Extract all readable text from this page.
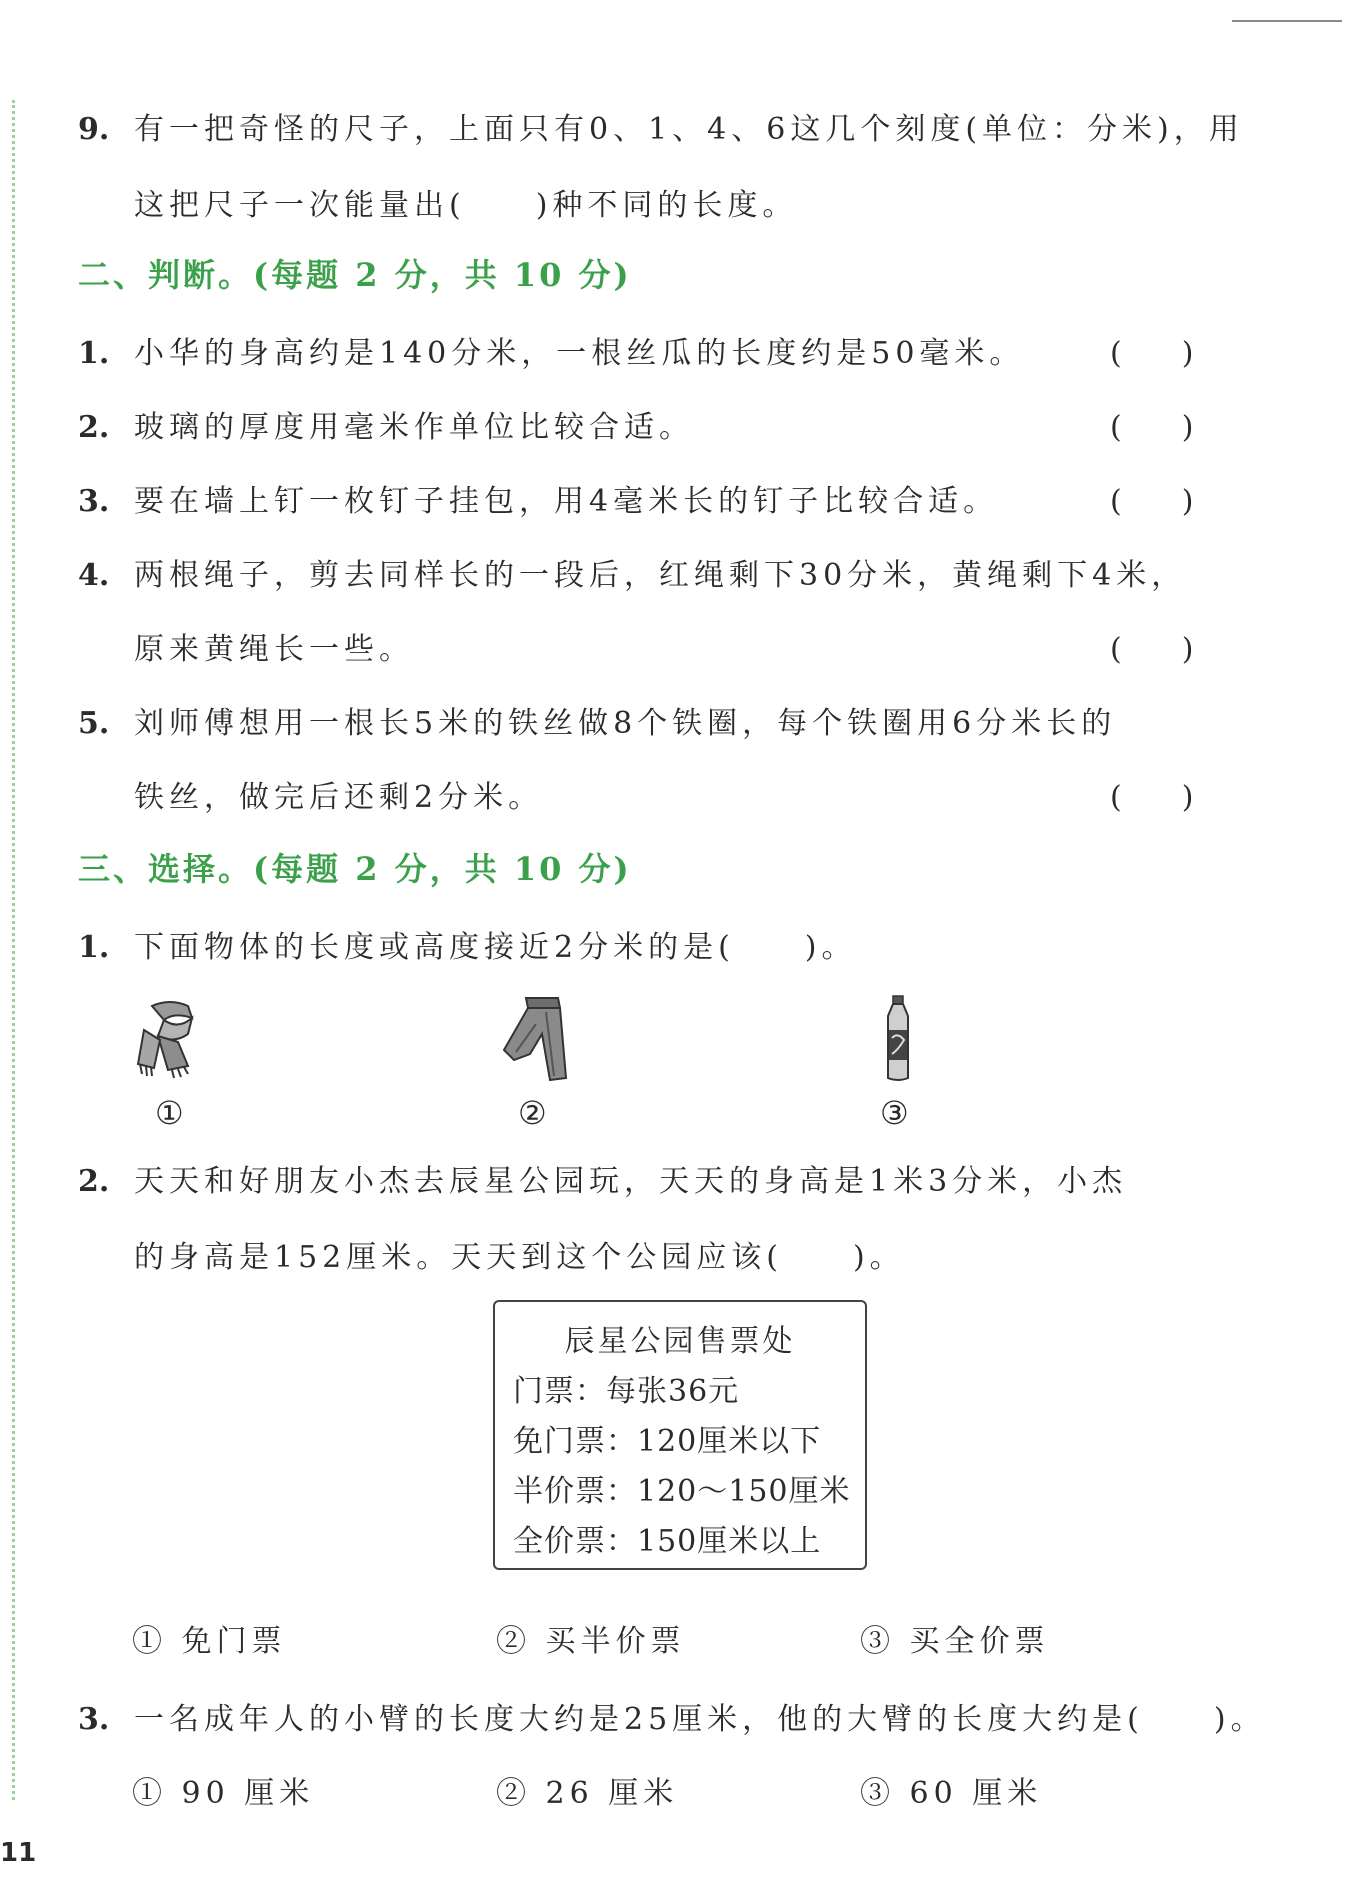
9. 有一把奇怪的尺子，上面只有0、1、4、6这几个刻度(单位：分米)，用
这把尺子一次能量出(　　)种不同的长度。
二、判断。(每题 2 分，共 10 分)
1. 小华的身高约是140分米，一根丝瓜的长度约是50毫米。	(　　)
2. 玻璃的厚度用毫米作单位比较合适。	(　　)
3. 要在墙上钉一枚钉子挂包，用4毫米长的钉子比较合适。	(　　)
4. 两根绳子，剪去同样长的一段后，红绳剩下30分米，黄绳剩下4米，
原来黄绳长一些。	(　　)
5. 刘师傅想用一根长5米的铁丝做8个铁圈，每个铁圈用6分米长的
铁丝，做完后还剩2分米。	(　　)
三、选择。(每题 2 分，共 10 分)
1. 下面物体的长度或高度接近2分米的是(　　)。
①	②	③
2. 天天和好朋友小杰去辰星公园玩，天天的身高是1米3分米，小杰
的身高是152厘米。天天到这个公园应该(　　)。
辰星公园售票处
门票：每张36元
免门票：120厘米以下
半价票：120～150厘米
全价票：150厘米以上
① 免门票	② 买半价票	③ 买全价票
3. 一名成年人的小臂的长度大约是25厘米，他的大臂的长度大约是(　　)。
① 90 厘米	② 26 厘米	③ 60 厘米
11
